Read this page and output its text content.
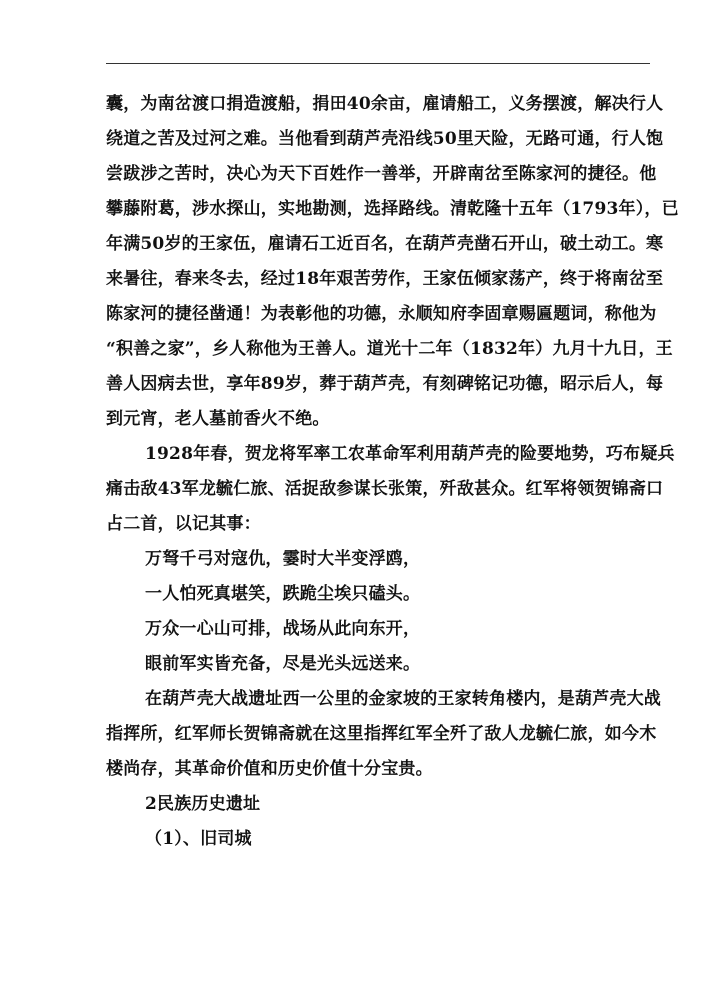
囊，为南岔渡口捐造渡船，捐田40余亩，雇请船工，义务摆渡，解决行人
绕道之苦及过河之难。当他看到葫芦壳沿线50里天险，无路可通，行人饱
尝跋涉之苦时，决心为天下百姓作一善举，开辟南岔至陈家河的捷径。他
攀藤附葛，涉水探山，实地勘测，选择路线。清乾隆十五年（1793年），已
年满50岁的王家伍，雇请石工近百名，在葫芦壳凿石开山，破土动工。寒
来暑往，春来冬去，经过18年艰苦劳作，王家伍倾家荡产，终于将南岔至
陈家河的捷径凿通！为表彰他的功德，永顺知府李固章赐匾题词，称他为
“积善之家”，乡人称他为王善人。道光十二年（1832年）九月十九日，王
善人因病去世，享年89岁，葬于葫芦壳，有刻碑铭记功德，昭示后人，每
到元宵，老人墓前香火不绝。
1928年春，贺龙将军率工农革命军利用葫芦壳的险要地势，巧布疑兵
痛击敌43军龙毓仁旅、活捉敌参谋长张策，歼敌甚众。红军将领贺锦斋口
占二首，以记其事：
万弩千弓对寇仇，霎时大半变浮鸥，
一人怕死真堪笑，跌跪尘埃只磕头。
万众一心山可排，战场从此向东开，
眼前军实皆充备，尽是光头远送来。
在葫芦壳大战遗址西一公里的金家坡的王家转角楼内，是葫芦壳大战
指挥所，红军师长贺锦斋就在这里指挥红军全歼了敌人龙毓仁旅，如今木
楼尚存，其革命价值和历史价值十分宝贵。
2民族历史遗址
（1）、旧司城
